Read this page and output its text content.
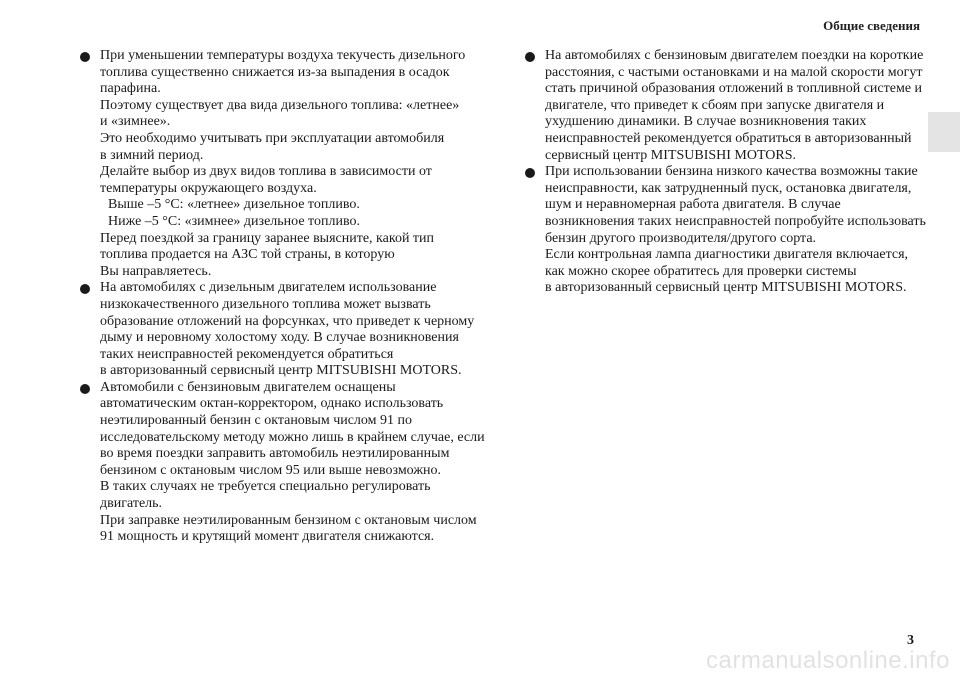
Общие сведения
При уменьшении температуры воздуха текучесть дизельного
топлива существенно снижается из-за выпадения в осадок
парафина.
Поэтому существует два вида дизельного топлива: «летнее»
и «зимнее».
Это необходимо учитывать при эксплуатации автомобиля
в зимний период.
Делайте выбор из двух видов топлива в зависимости от
температуры окружающего воздуха.
Выше –5 °C: «летнее» дизельное топливо.
Ниже –5 °C: «зимнее» дизельное топливо.
Перед поездкой за границу заранее выясните, какой тип
топлива продается на АЗС той страны, в которую
Вы направляетесь.
На автомобилях с дизельным двигателем использование
низкокачественного дизельного топлива может вызвать
образование отложений на форсунках, что приведет к черному
дыму и неровному холостому ходу. В случае возникновения
таких неисправностей рекомендуется обратиться
в авторизованный сервисный центр MITSUBISHI MOTORS.
Автомобили с бензиновым двигателем оснащены
автоматическим октан-корректором, однако использовать
неэтилированный бензин с октановым числом 91 по
исследовательскому методу можно лишь в крайнем случае, если
во время поездки заправить автомобиль неэтилированным
бензином с октановым числом 95 или выше невозможно.
В таких случаях не требуется специально регулировать
двигатель.
При заправке неэтилированным бензином с октановым числом
91 мощность и крутящий момент двигателя снижаются.
На автомобилях с бензиновым двигателем поездки на короткие
расстояния, с частыми остановками и на малой скорости могут
стать причиной образования отложений в топливной системе и
двигателе, что приведет к сбоям при запуске двигателя и
ухудшению динамики. В случае возникновения таких
неисправностей рекомендуется обратиться в авторизованный
сервисный центр MITSUBISHI MOTORS.
При использовании бензина низкого качества возможны такие
неисправности, как затрудненный пуск, остановка двигателя,
шум и неравномерная работа двигателя. В случае
возникновения таких неисправностей попробуйте использовать
бензин другого производителя/другого сорта.
Если контрольная лампа диагностики двигателя включается,
как можно скорее обратитесь для проверки системы
в авторизованный сервисный центр MITSUBISHI MOTORS.
3
carmanualsonline.info
